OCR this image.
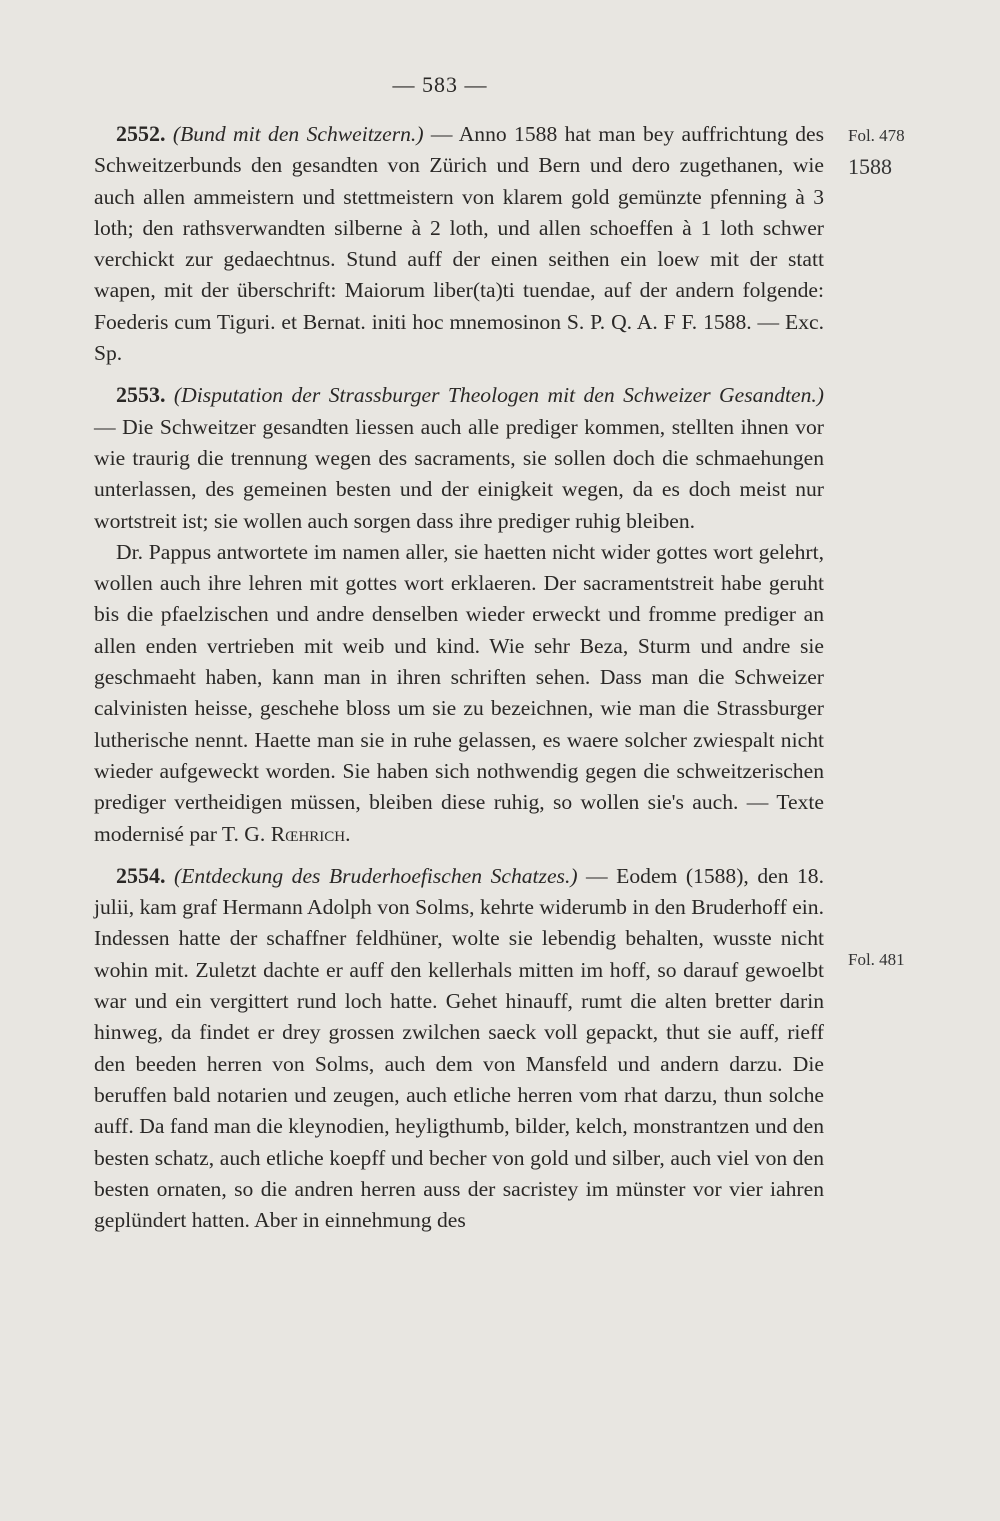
— 583 —
Fol. 478
1588
Fol. 481

2552. (Bund mit den Schweitzern.) — Anno 1588 hat man bey auffrichtung des Schweitzerbunds den gesandten von Zürich und Bern und dero zugethanen, wie auch allen ammeistern und stettmeistern von klarem gold gemünzte pfenning à 3 loth; den rathsverwandten silberne à 2 loth, und allen schoeffen à 1 loth schwer verchickt zur gedaechtnus. Stund auff der einen seithen ein loew mit der statt wapen, mit der überschrift: Maiorum liber(ta)ti tuendae, auf der andern folgende: Foederis cum Tiguri. et Bernat. initi hoc mnemosinon S. P. Q. A. F F. 1588. — Exc. Sp.

2553. (Disputation der Strassburger Theologen mit den Schweizer Gesandten.) — Die Schweitzer gesandten liessen auch alle prediger kommen, stellten ihnen vor wie traurig die trennung wegen des sacraments, sie sollen doch die schmaehungen unterlassen, des gemeinen besten und der einigkeit wegen, da es doch meist nur wortstreit ist; sie wollen auch sorgen dass ihre prediger ruhig bleiben.

Dr. Pappus antwortete im namen aller, sie haetten nicht wider gottes wort gelehrt, wollen auch ihre lehren mit gottes wort erklaeren. Der sacramentstreit habe geruht bis die pfaelzischen und andre denselben wieder erweckt und fromme prediger an allen enden vertrieben mit weib und kind. Wie sehr Beza, Sturm und andre sie geschmaeht haben, kann man in ihren schriften sehen. Dass man die Schweizer calvinisten heisse, geschehe bloss um sie zu bezeichnen, wie man die Strassburger lutherische nennt. Haette man sie in ruhe gelassen, es waere solcher zwiespalt nicht wieder aufgeweckt worden. Sie haben sich nothwendig gegen die schweitzerischen prediger vertheidigen müssen, bleiben diese ruhig, so wollen sie's auch. — Texte modernisé par T. G. Rœhrich.

2554. (Entdeckung des Bruderhoefischen Schatzes.) — Eodem (1588), den 18. julii, kam graf Hermann Adolph von Solms, kehrte widerumb in den Bruderhoff ein. Indessen hatte der schaffner feldhüner, wolte sie lebendig behalten, wusste nicht wohin mit. Zuletzt dachte er auff den kellerhals mitten im hoff, so darauf gewoelbt war und ein vergittert rund loch hatte. Gehet hinauff, rumt die alten bretter darin hinweg, da findet er drey grossen zwilchen saeck voll gepackt, thut sie auff, rieff den beeden herren von Solms, auch dem von Mansfeld und andern darzu. Die beruffen bald notarien und zeugen, auch etliche herren vom rhat darzu, thun solche auff. Da fand man die kleynodien, heyligthumb, bilder, kelch, monstrantzen und den besten schatz, auch etliche koepff und becher von gold und silber, auch viel von den besten ornaten, so die andren herren auss der sacristey im münster vor vier iahren geplündert hatten. Aber in einnehmung des
